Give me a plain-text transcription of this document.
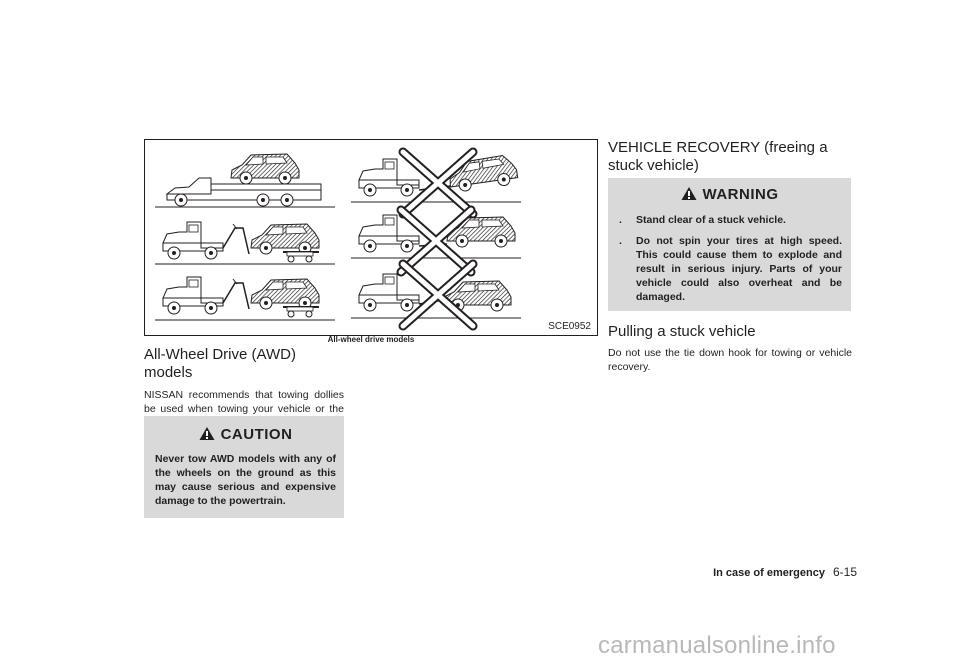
SCE0952
All-wheel drive models
All-Wheel Drive (AWD) models

NISSAN recommends that towing dollies be used when towing your vehicle or the

CAUTION

Never tow AWD models with any of the wheels on the ground as this may cause serious and expensive damage to the powertrain.

VEHICLE RECOVERY (freeing a stuck vehicle)
WARNING
. Stand clear of a stuck vehicle.
. Do not spin your tires at high speed. This could cause them to explode and result in serious injury. Parts of your vehicle could also overheat and be damaged.
Pulling a stuck vehicle

Do not use the tie down hook for towing or vehicle recovery.

In case of emergency 6-15
carmanualsonline.info
